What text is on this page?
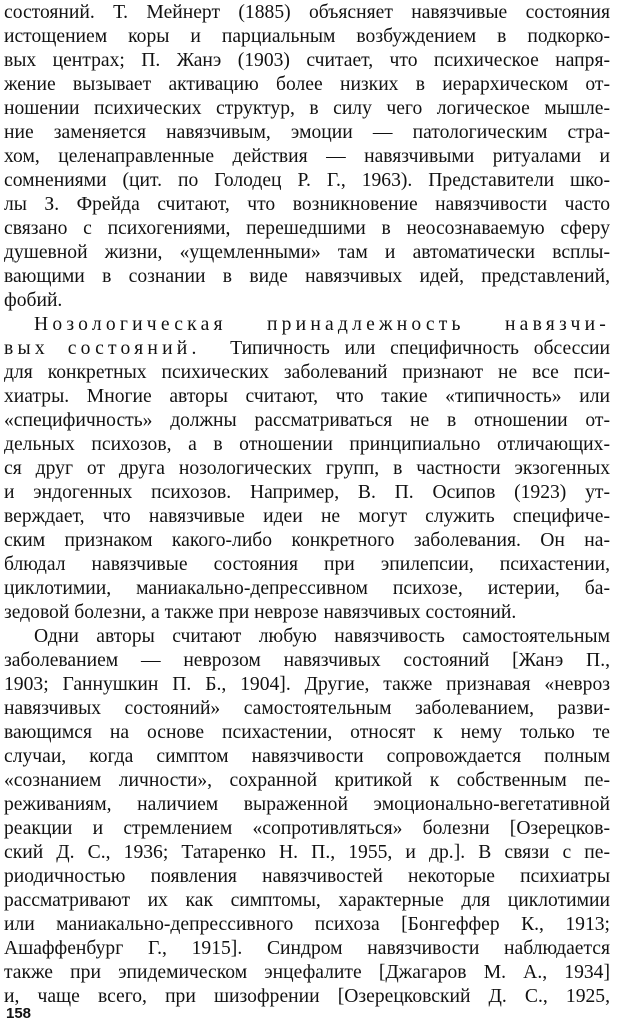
состояний. Т. Мейнерт (1885) объясняет навязчивые состояния
истощением коры и парциальным возбуждением в подкорко-
вых центрах; П. Жанэ (1903) считает, что психическое напря-
жение вызывает активацию более низких в иерархическом от-
ношении психических структур, в силу чего логическое мышле-
ние заменяется навязчивым, эмоции — патологическим стра-
хом, целенаправленные действия — навязчивыми ритуалами и
сомнениями (цит. по Голодец Р. Г., 1963). Представители шко-
лы З. Фрейда считают, что возникновение навязчивости часто
связано с психогениями, перешедшими в неосознаваемую сферу
душевной жизни, «ущемленными» там и автоматически всплы-
вающими в сознании в виде навязчивых идей, представлений,
фобий.
Нозологическая принадлежность навязчи-
вых состояний. Типичность или специфичность обсессии
для конкретных психических заболеваний признают не все пси-
хиатры. Многие авторы считают, что такие «типичность» или
«специфичность» должны рассматриваться не в отношении от-
дельных психозов, а в отношении принципиально отличающих-
ся друг от друга нозологических групп, в частности экзогенных
и эндогенных психозов. Например, В. П. Осипов (1923) ут-
верждает, что навязчивые идеи не могут служить специфиче-
ским признаком какого-либо конкретного заболевания. Он на-
блюдал навязчивые состояния при эпилепсии, психастении,
циклотимии, маниакально-депрессивном психозе, истерии, ба-
зедовой болезни, а также при неврозе навязчивых состояний.
Одни авторы считают любую навязчивость самостоятельным
заболеванием — неврозом навязчивых состояний [Жанэ П.,
1903; Ганнушкин П. Б., 1904]. Другие, также признавая «невроз
навязчивых состояний» самостоятельным заболеванием, разви-
вающимся на основе психастении, относят к нему только те
случаи, когда симптом навязчивости сопровождается полным
«сознанием личности», сохранной критикой к собственным пе-
реживаниям, наличием выраженной эмоционально-вегетативной
реакции и стремлением «сопротивляться» болезни [Озерецков-
ский Д. С., 1936; Татаренко Н. П., 1955, и др.]. В связи с пе-
риодичностью появления навязчивостей некоторые психиатры
рассматривают их как симптомы, характерные для циклотимии
или маниакально-депрессивного психоза [Бонгеффер К., 1913;
Ашаффенбург Г., 1915]. Синдром навязчивости наблюдается
также при эпидемическом энцефалите [Джагаров М. А., 1934]
и, чаще всего, при шизофрении [Озерецковский Д. С., 1925,
158
